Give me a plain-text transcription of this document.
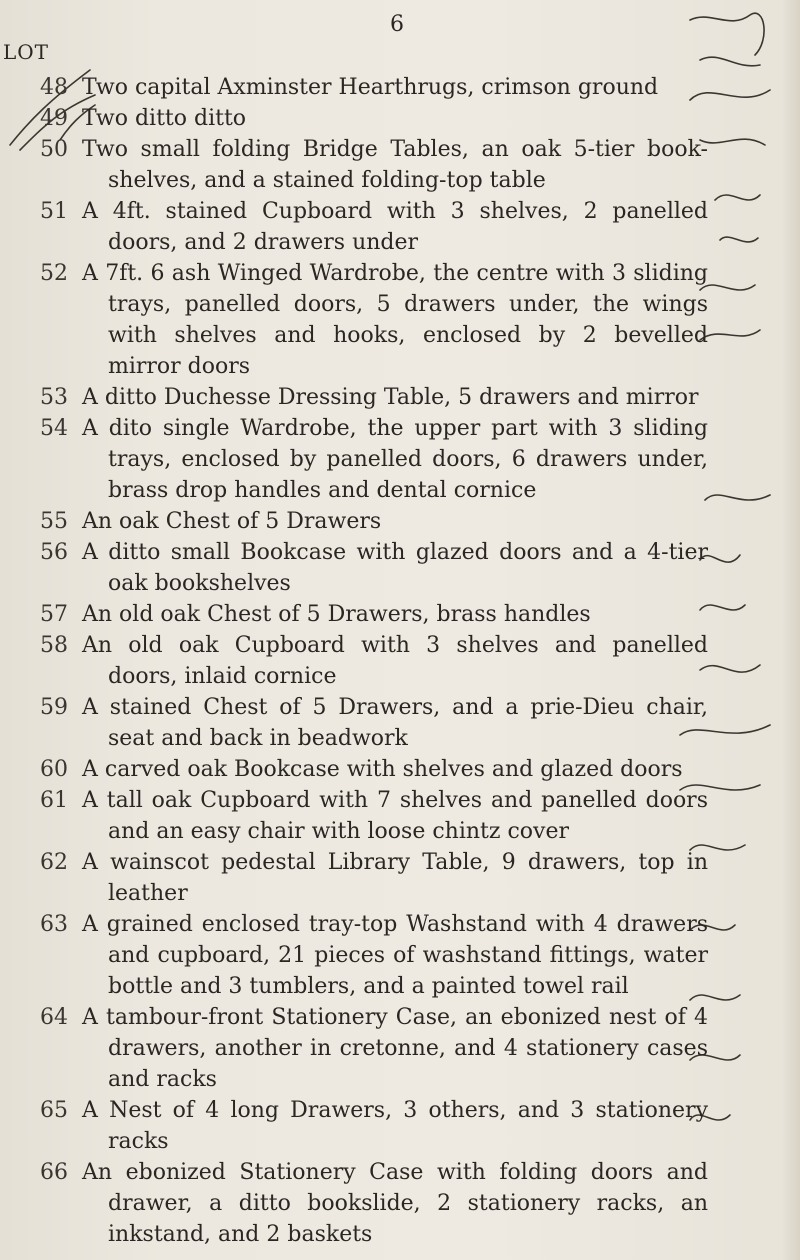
6
LOT
48 Two capital Axminster Hearthrugs, crimson ground
49 Two ditto ditto
50 Two small folding Bridge Tables, an oak 5-tier book-shelves, and a stained folding-top table
51 A 4ft. stained Cupboard with 3 shelves, 2 panelled doors, and 2 drawers under
52 A 7ft. 6 ash Winged Wardrobe, the centre with 3 sliding trays, panelled doors, 5 drawers under, the wings with shelves and hooks, enclosed by 2 bevelled mirror doors
53 A ditto Duchesse Dressing Table, 5 drawers and mirror
54 A dito single Wardrobe, the upper part with 3 sliding trays, enclosed by panelled doors, 6 drawers under, brass drop handles and dental cornice
55 An oak Chest of 5 Drawers
56 A ditto small Bookcase with glazed doors and a 4-tier oak bookshelves
57 An old oak Chest of 5 Drawers, brass handles
58 An old oak Cupboard with 3 shelves and panelled doors, inlaid cornice
59 A stained Chest of 5 Drawers, and a prie-Dieu chair, seat and back in beadwork
60 A carved oak Bookcase with shelves and glazed doors
61 A tall oak Cupboard with 7 shelves and panelled doors and an easy chair with loose chintz cover
62 A wainscot pedestal Library Table, 9 drawers, top in leather
63 A grained enclosed tray-top Washstand with 4 drawers and cupboard, 21 pieces of washstand fittings, water bottle and 3 tumblers, and a painted towel rail
64 A tambour-front Stationery Case, an ebonized nest of 4 drawers, another in cretonne, and 4 stationery cases and racks
65 A Nest of 4 long Drawers, 3 others, and 3 stationery racks
66 An ebonized Stationery Case with folding doors and drawer, a ditto bookslide, 2 stationery racks, an inkstand, and 2 baskets
